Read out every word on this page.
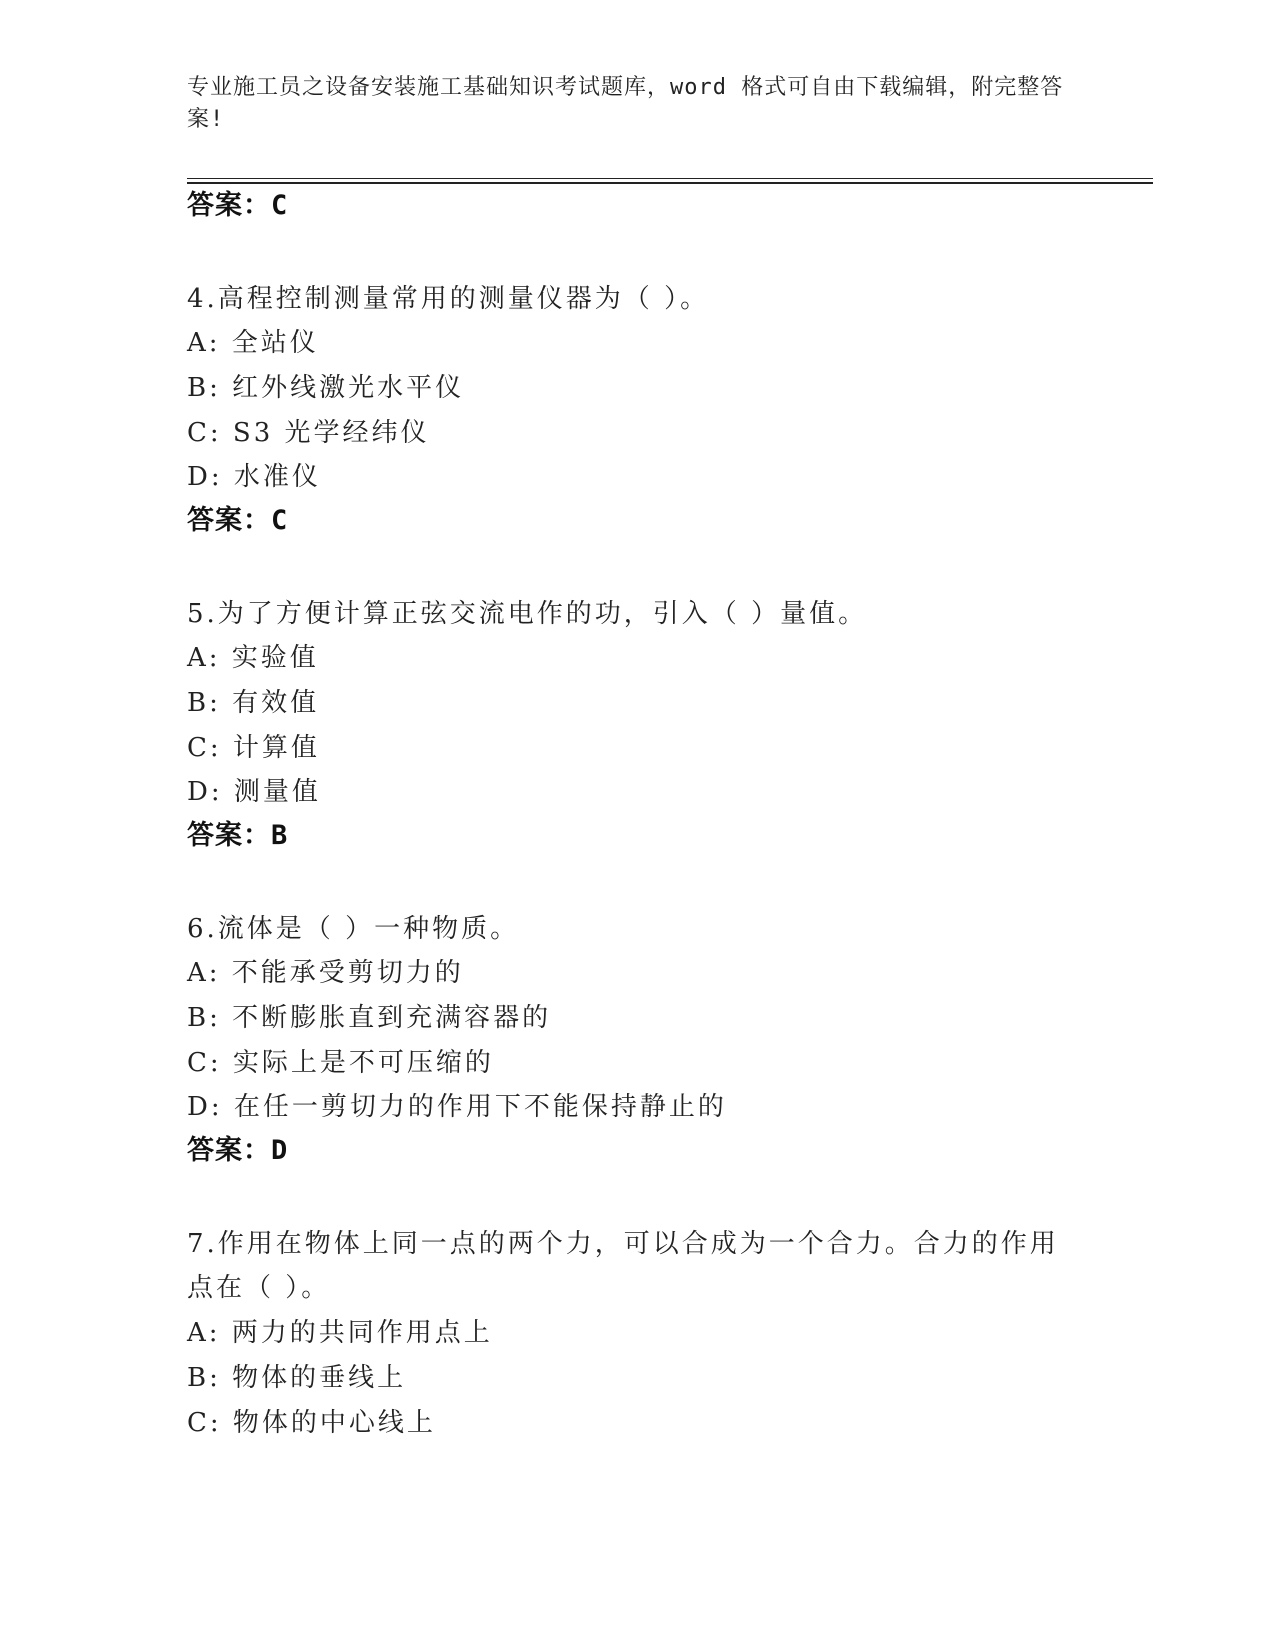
专业施工员之设备安装施工基础知识考试题库，word 格式可自由下载编辑，附完整答案!
答案：C
4.高程控制测量常用的测量仪器为（ ）。
A: 全站仪
B: 红外线激光水平仪
C: S3 光学经纬仪
D: 水准仪
答案：C
5.为了方便计算正弦交流电作的功，引入（ ）量值。
A: 实验值
B: 有效值
C: 计算值
D: 测量值
答案：B
6.流体是（ ）一种物质。
A: 不能承受剪切力的
B: 不断膨胀直到充满容器的
C: 实际上是不可压缩的
D: 在任一剪切力的作用下不能保持静止的
答案：D
7.作用在物体上同一点的两个力，可以合成为一个合力。合力的作用
点在（ ）。
A: 两力的共同作用点上
B: 物体的垂线上
C: 物体的中心线上
